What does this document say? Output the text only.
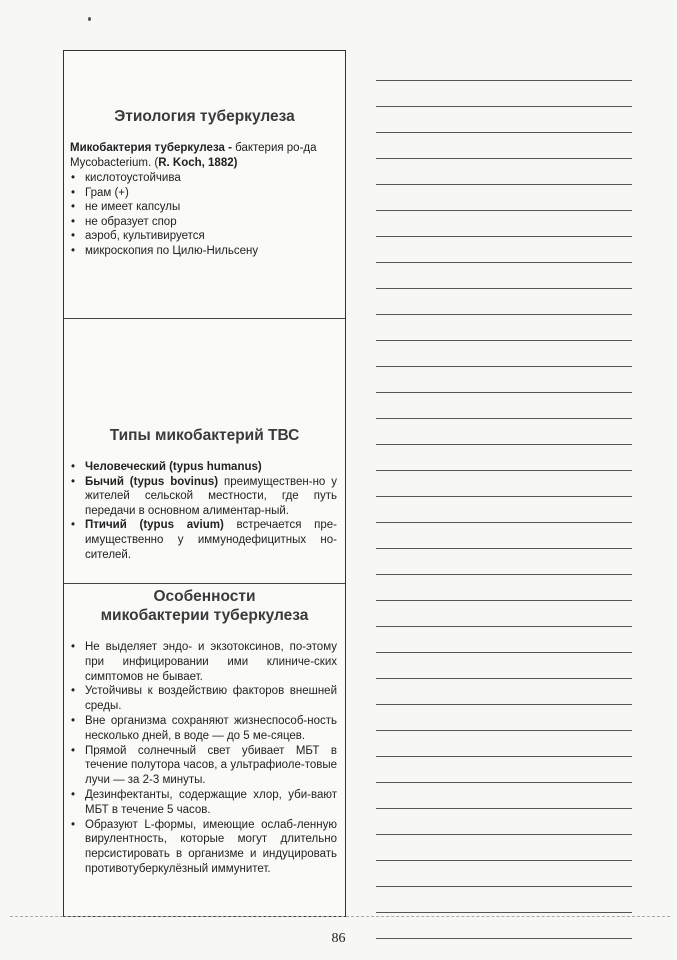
Этиология туберкулеза
Микобактерия туберкулеза - бактерия ро-да Mycobacterium. (R. Koch, 1882)
• кислотоустойчива
• Грам (+)
• не имеет капсулы
• не образует спор
• аэроб, культивируется
• микроскопия по Цилю-Нильсену
Типы микобактерий ТВС
• Человеческий (typus humanus)
• Бычий (typus bovinus) преимуществен-но у жителей сельской местности, где путь передачи в основном алиментар-ный.
• Птичий (typus avium) встречается пре-имущественно у иммунодефицитных но-сителей.
Особенности
микобактерии туберкулеза
• Не выделяет эндо- и экзотоксинов, по-этому при инфицировании ими клиниче-ских симптомов не бывает.
• Устойчивы к воздействию факторов внешней среды.
• Вне организма сохраняют жизнеспособ-ность несколько дней, в воде — до 5 ме-сяцев.
• Прямой солнечный свет убивает МБТ в течение полутора часов, а ультрафиоле-товые лучи — за 2-3 минуты.
• Дезинфектанты, содержащие хлор, уби-вают МБТ в течение 5 часов.
• Образуют L-формы, имеющие ослаб-ленную вирулентность, которые могут длительно персистировать в организме и индуцировать противотуберкулёзный иммунитет.
86
